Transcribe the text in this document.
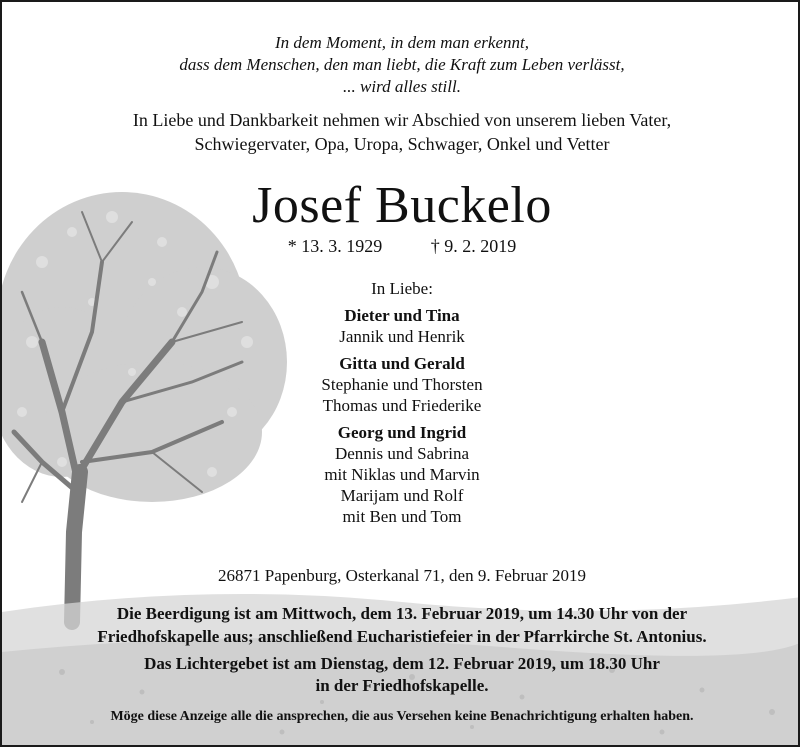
In dem Moment, in dem man erkennt,
dass dem Menschen, den man liebt, die Kraft zum Leben verlässt,
... wird alles still.
In Liebe und Dankbarkeit nehmen wir Abschied von unserem lieben Vater,
Schwiegervater, Opa, Uropa, Schwager, Onkel und Vetter
Josef Buckelo
* 13. 3. 1929	† 9. 2. 2019
In Liebe:
Dieter und Tina
Jannik und Henrik
Gitta und Gerald
Stephanie und Thorsten
Thomas und Friederike
Georg und Ingrid
Dennis und Sabrina
mit Niklas und Marvin
Marijam und Rolf
mit Ben und Tom
26871 Papenburg, Osterkanal 71, den 9. Februar 2019
Die Beerdigung ist am Mittwoch, dem 13. Februar 2019, um 14.30 Uhr von der
Friedhofskapelle aus; anschließend Eucharistiefeier in der Pfarrkirche St. Antonius.
Das Lichtergebet ist am Dienstag, dem 12. Februar 2019, um 18.30 Uhr
in der Friedhofskapelle.
Möge diese Anzeige alle die ansprechen, die aus Versehen keine Benachrichtigung erhalten haben.
